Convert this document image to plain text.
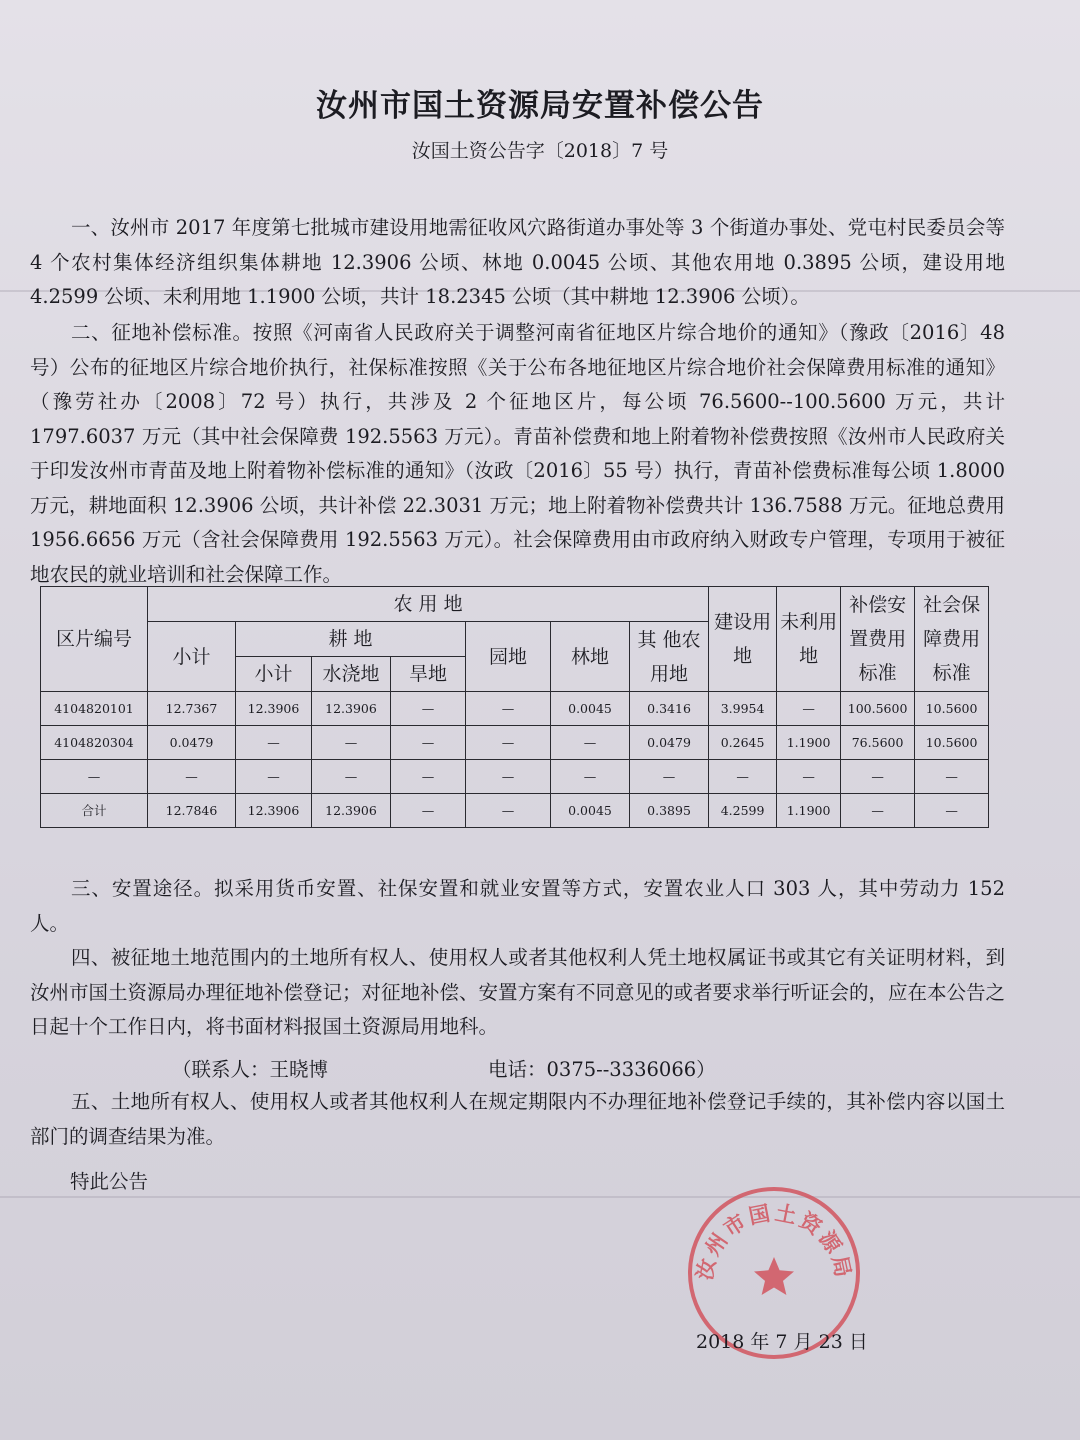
汝州市国土资源局安置补偿公告
汝国土资公告字〔2018〕7 号

一、汝州市 2017 年度第七批城市建设用地需征收风穴路街道办事处等 3 个街道办事处、党屯村民委员会等 4 个农村集体经济组织集体耕地 12.3906 公顷、林地 0.0045 公顷、其他农用地 0.3895 公顷，建设用地 4.2599 公顷、未利用地 1.1900 公顷，共计 18.2345 公顷（其中耕地 12.3906 公顷）。

二、征地补偿标准。按照《河南省人民政府关于调整河南省征地区片综合地价的通知》（豫政〔2016〕48 号）公布的征地区片综合地价执行，社保标准按照《关于公布各地征地区片综合地价社会保障费用标准的通知》（豫劳社办〔2008〕72 号）执行，共涉及 2 个征地区片，每公顷 76.5600--100.5600 万元，共计 1797.6037 万元（其中社会保障费 192.5563 万元）。青苗补偿费和地上附着物补偿费按照《汝州市人民政府关于印发汝州市青苗及地上附着物补偿标准的通知》（汝政〔2016〕55 号）执行，青苗补偿费标准每公顷 1.8000 万元，耕地面积 12.3906 公顷，共计补偿 22.3031 万元；地上附着物补偿费共计 136.7588 万元。征地总费用 1956.6656 万元（含社会保障费用 192.5563 万元）。社会保障费用由市政府纳入财政专户管理，专项用于被征地农民的就业培训和社会保障工作。

区片编号	农 用 地							建设用地	未利用地	补偿安置费用标准	社会保障费用标准
	小计	耕 地			园地	林地	其 他农用地				
		小计	水浇地	旱地							

4104820101	12.7367	12.3906	12.3906	—	—	0.0045	0.3416	3.9954	—	100.5600	10.5600
4104820304	0.0479	—	—	—	—	—	0.0479	0.2645	1.1900	76.5600	10.5600
—	—	—	—	—	—	—	—	—	—	—	—
合计	12.7846	12.3906	12.3906	—	—	0.0045	0.3895	4.2599	1.1900	—	—

三、安置途径。拟采用货币安置、社保安置和就业安置等方式，安置农业人口 303 人，其中劳动力 152 人。

四、被征地土地范围内的土地所有权人、使用权人或者其他权利人凭土地权属证书或其它有关证明材料，到汝州市国土资源局办理征地补偿登记；对征地补偿、安置方案有不同意见的或者要求举行听证会的，应在本公告之日起十个工作日内，将书面材料报国土资源局用地科。

（联系人：王晓博	电话：0375--3336066）

五、土地所有权人、使用权人或者其他权利人在规定期限内不办理征地补偿登记手续的，其补偿内容以国土部门的调查结果为准。

特此公告
汝州市国土资源局
2018 年 7 月 23 日
